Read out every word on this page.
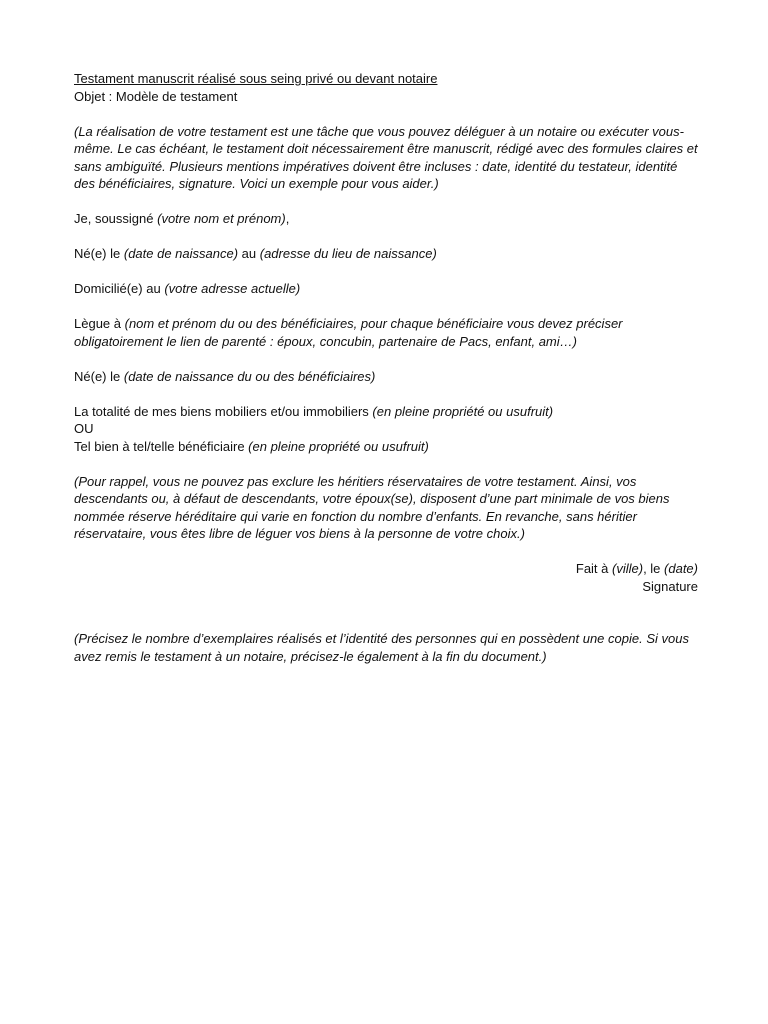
Testament manuscrit réalisé sous seing privé ou devant notaire
Objet : Modèle de testament

(La réalisation de votre testament est une tâche que vous pouvez déléguer à un notaire ou exécuter vous-même. Le cas échéant, le testament doit nécessairement être manuscrit, rédigé avec des formules claires et sans ambiguïté. Plusieurs mentions impératives doivent être incluses : date, identité du testateur, identité des bénéficiaires, signature. Voici un exemple pour vous aider.)

Je, soussigné (votre nom et prénom),

Né(e) le (date de naissance) au (adresse du lieu de naissance)

Domicilié(e) au (votre adresse actuelle)

Lègue à (nom et prénom du ou des bénéficiaires, pour chaque bénéficiaire vous devez préciser obligatoirement le lien de parenté : époux, concubin, partenaire de Pacs, enfant, ami…)

Né(e) le (date de naissance du ou des bénéficiaires)

La totalité de mes biens mobiliers et/ou immobiliers (en pleine propriété ou usufruit)

OU

Tel bien à tel/telle bénéficiaire (en pleine propriété ou usufruit)

(Pour rappel, vous ne pouvez pas exclure les héritiers réservataires de votre testament. Ainsi, vos descendants ou, à défaut de descendants, votre époux(se), disposent d’une part minimale de vos biens nommée réserve héréditaire qui varie en fonction du nombre d’enfants. En revanche, sans héritier réservataire, vous êtes libre de léguer vos biens à la personne de votre choix.)

Fait à (ville), le (date)

Signature

(Précisez le nombre d’exemplaires réalisés et l’identité des personnes qui en possèdent une copie. Si vous avez remis le testament à un notaire, précisez-le également à la fin du document.)
